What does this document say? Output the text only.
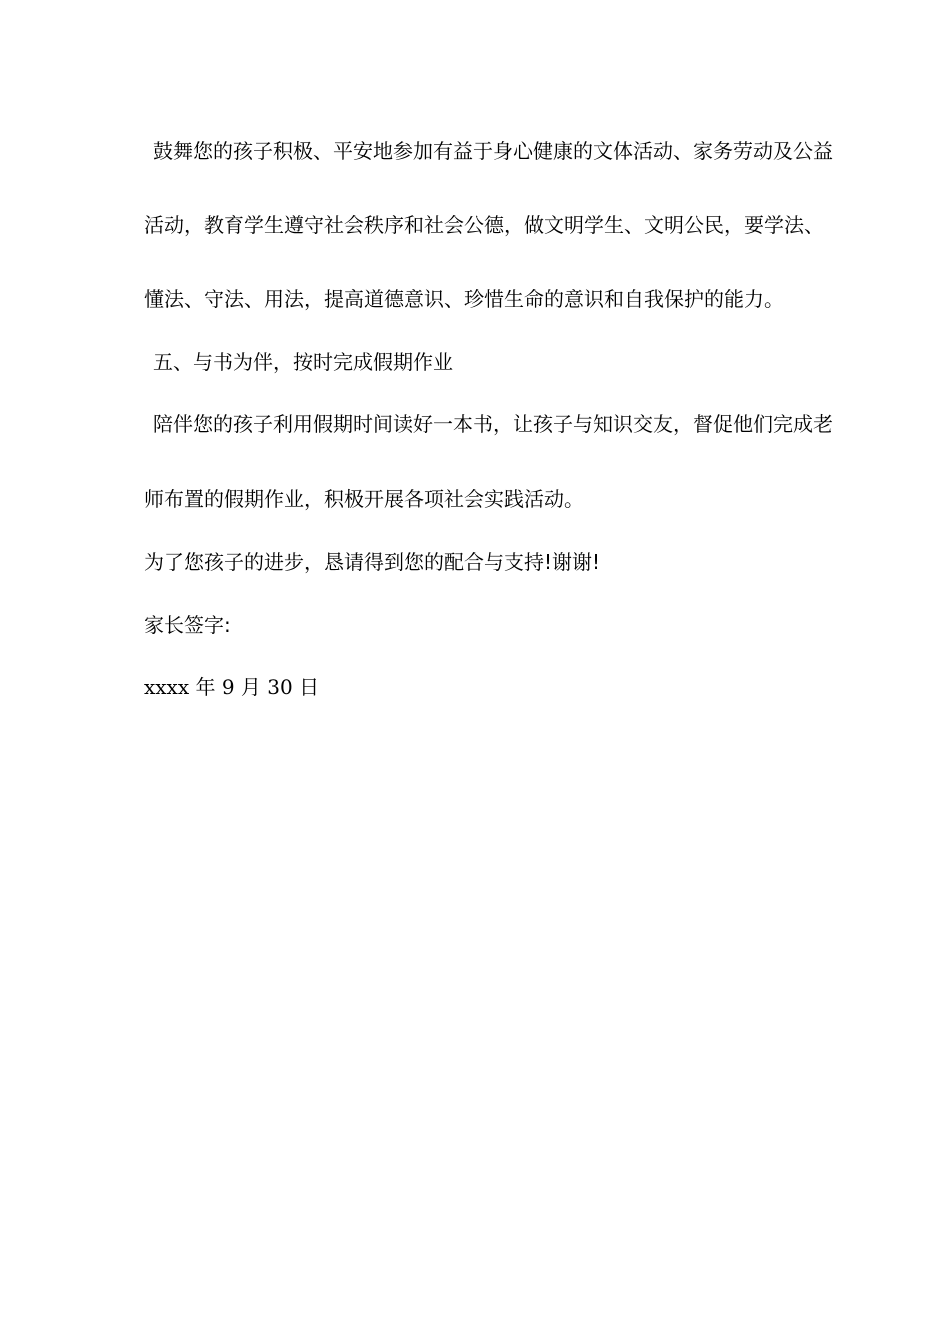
鼓舞您的孩子积极、平安地参加有益于身心健康的文体活动、家务劳动及公益
活动，教育学生遵守社会秩序和社会公德，做文明学生、文明公民，要学法、
懂法、守法、用法，提高道德意识、珍惜生命的意识和自我保护的能力。
五、与书为伴，按时完成假期作业
陪伴您的孩子利用假期时间读好一本书，让孩子与知识交友，督促他们完成老
师布置的假期作业，积极开展各项社会实践活动。
为了您孩子的进步，恳请得到您的配合与支持!谢谢!
家长签字:
xxxx 年 9 月 30 日
